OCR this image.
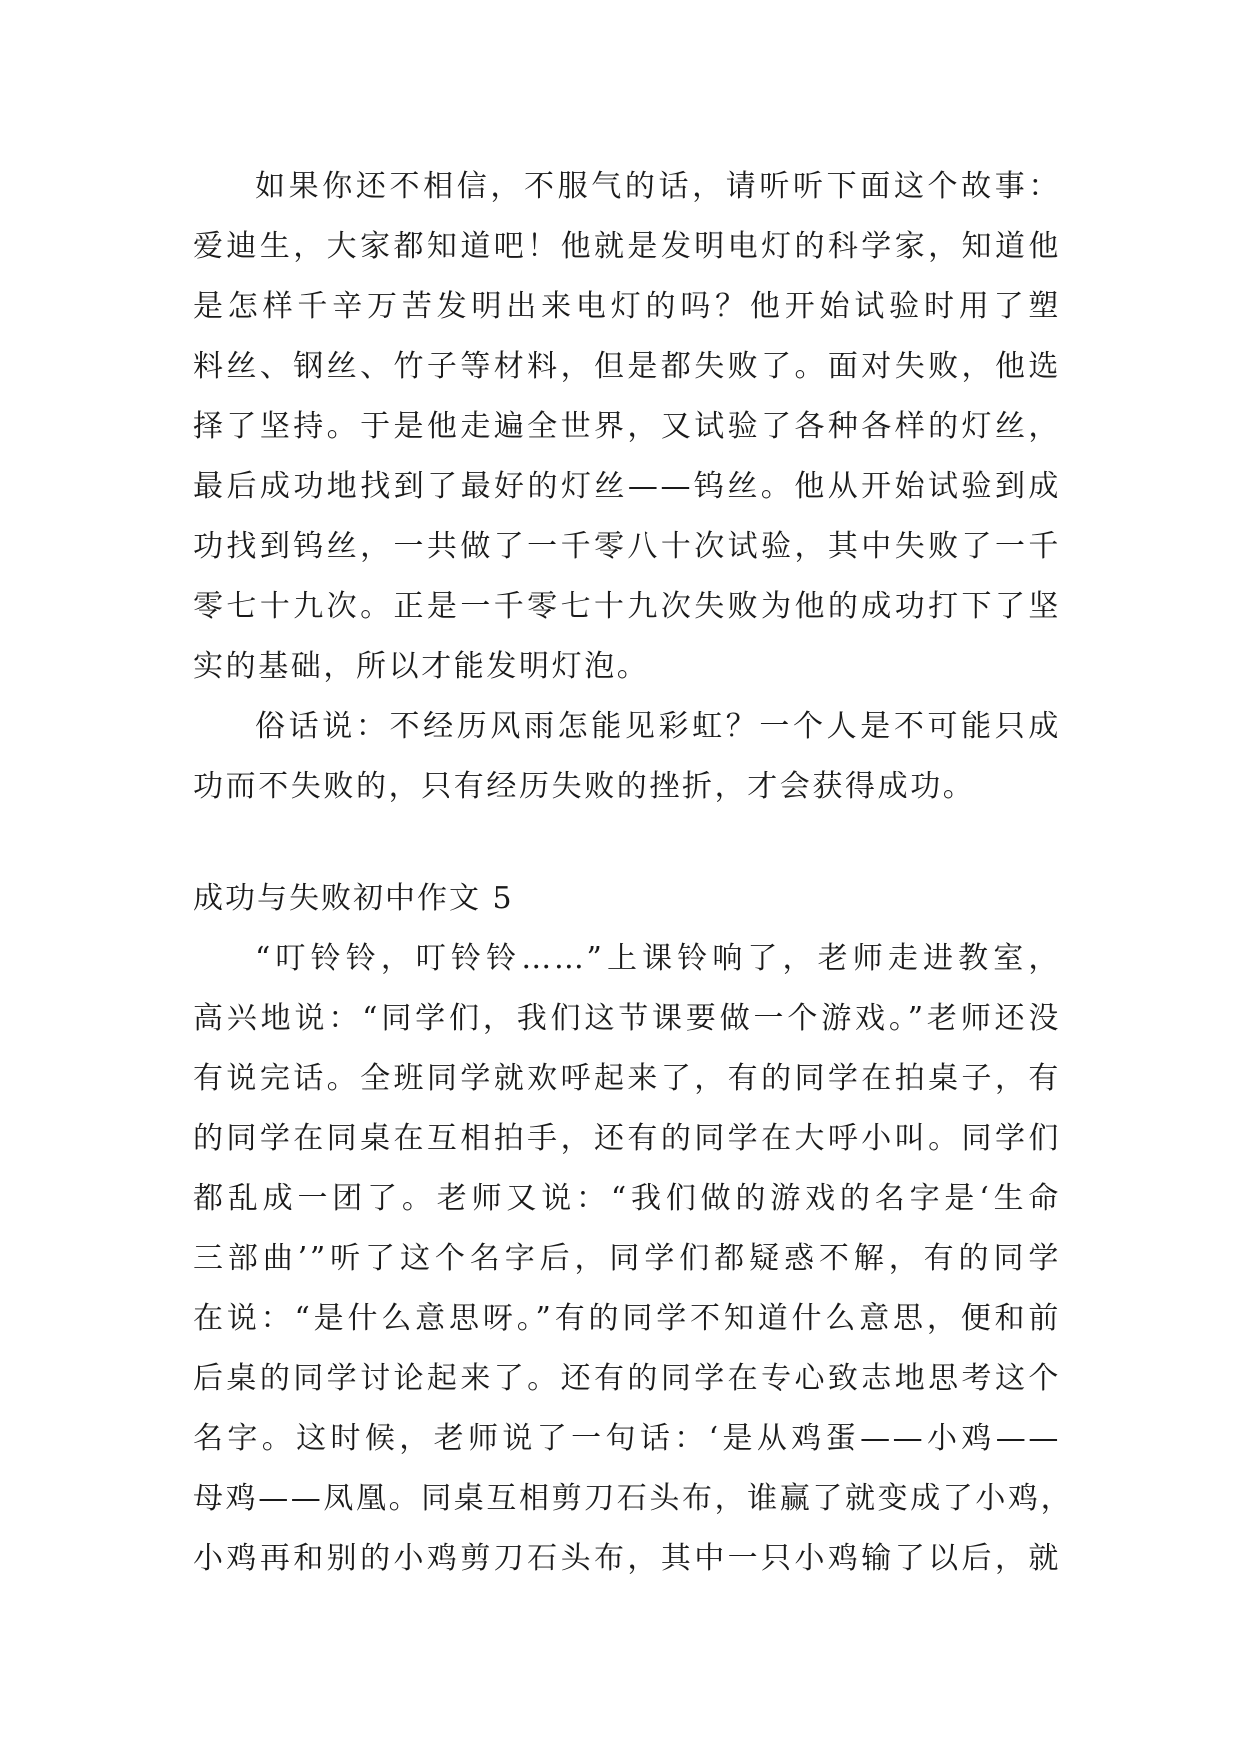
如果你还不相信，不服气的话，请听听下面这个故事：
爱迪生，大家都知道吧！他就是发明电灯的科学家，知道他
是怎样千辛万苦发明出来电灯的吗？他开始试验时用了塑
料丝、钢丝、竹子等材料，但是都失败了。面对失败，他选
择了坚持。于是他走遍全世界，又试验了各种各样的灯丝，
最后成功地找到了最好的灯丝——钨丝。他从开始试验到成
功找到钨丝，一共做了一千零八十次试验，其中失败了一千
零七十九次。正是一千零七十九次失败为他的成功打下了坚
实的基础，所以才能发明灯泡。
俗话说：不经历风雨怎能见彩虹？一个人是不可能只成
功而不失败的，只有经历失败的挫折，才会获得成功。
成功与失败初中作文 5
“叮铃铃，叮铃铃……”上课铃响了，老师走进教室，
高兴地说：“同学们，我们这节课要做一个游戏。”老师还没
有说完话。全班同学就欢呼起来了，有的同学在拍桌子，有
的同学在同桌在互相拍手，还有的同学在大呼小叫。同学们
都乱成一团了。老师又说：“我们做的游戏的名字是‘生命
三部曲’”听了这个名字后，同学们都疑惑不解，有的同学
在说：“是什么意思呀。”有的同学不知道什么意思，便和前
后桌的同学讨论起来了。还有的同学在专心致志地思考这个
名字。这时候，老师说了一句话：‘是从鸡蛋——小鸡——
母鸡——凤凰。同桌互相剪刀石头布，谁赢了就变成了小鸡，
小鸡再和别的小鸡剪刀石头布，其中一只小鸡输了以后，就
